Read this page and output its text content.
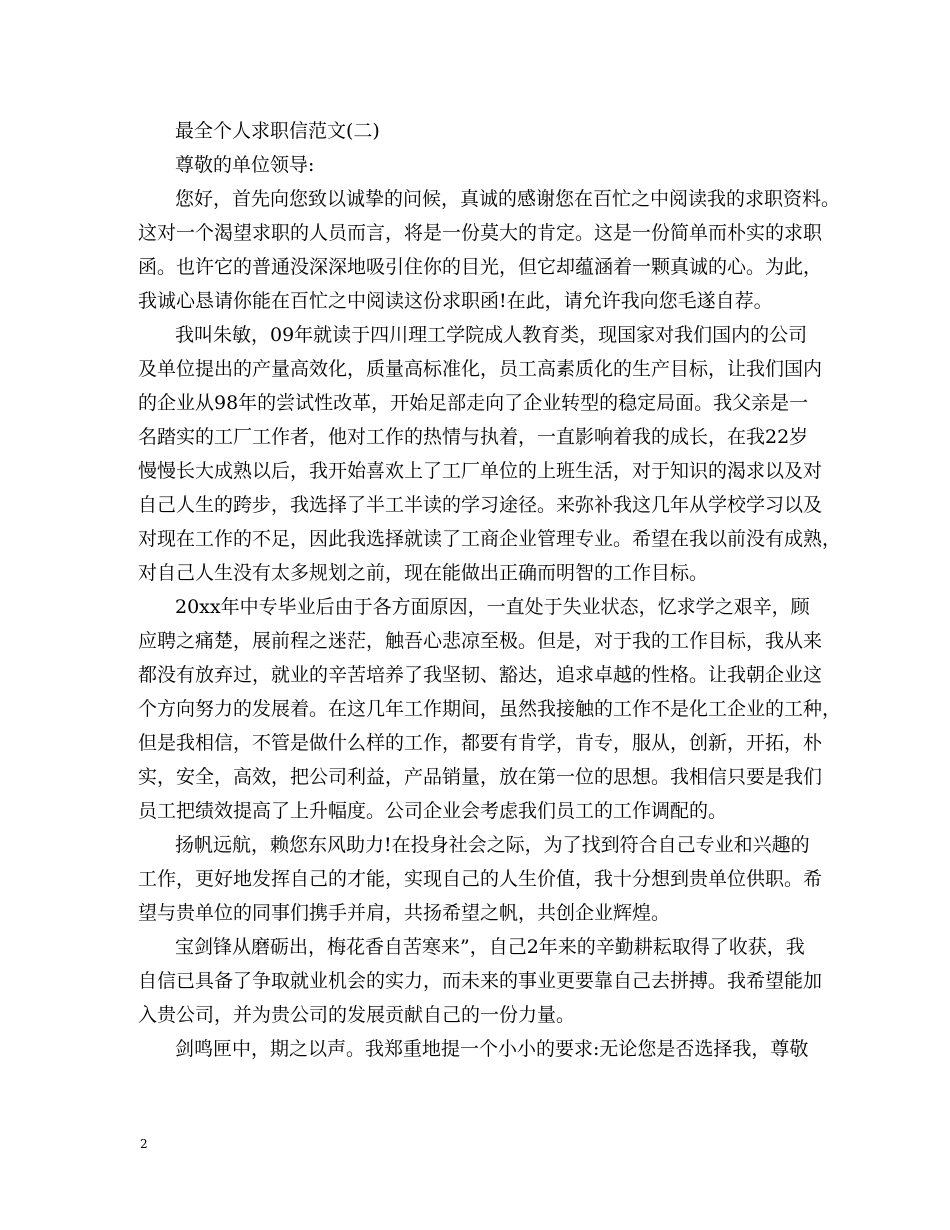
最全个人求职信范文(二)
尊敬的单位领导:
您好，首先向您致以诚挚的问候，真诚的感谢您在百忙之中阅读我的求职资料。
这对一个渴望求职的人员而言，将是一份莫大的肯定。这是一份简单而朴实的求职
函。也许它的普通没深深地吸引住你的目光，但它却蕴涵着一颗真诚的心。为此，
我诚心恳请你能在百忙之中阅读这份求职函!在此，请允许我向您毛遂自荐。
我叫朱敏，09年就读于四川理工学院成人教育类，现国家对我们国内的公司
及单位提出的产量高效化，质量高标准化，员工高素质化的生产目标，让我们国内
的企业从98年的尝试性改革，开始足部走向了企业转型的稳定局面。我父亲是一
名踏实的工厂工作者，他对工作的热情与执着，一直影响着我的成长，在我22岁
慢慢长大成熟以后，我开始喜欢上了工厂单位的上班生活，对于知识的渴求以及对
自己人生的跨步，我选择了半工半读的学习途径。来弥补我这几年从学校学习以及
对现在工作的不足，因此我选择就读了工商企业管理专业。希望在我以前没有成熟，
对自己人生没有太多规划之前，现在能做出正确而明智的工作目标。
20xx年中专毕业后由于各方面原因，一直处于失业状态，忆求学之艰辛，顾
应聘之痛楚，展前程之迷茫，触吾心悲凉至极。但是，对于我的工作目标，我从来
都没有放弃过，就业的辛苦培养了我坚韧、豁达，追求卓越的性格。让我朝企业这
个方向努力的发展着。在这几年工作期间，虽然我接触的工作不是化工企业的工种，
但是我相信，不管是做什么样的工作，都要有肯学，肯专，服从，创新，开拓，朴
实，安全，高效，把公司利益，产品销量，放在第一位的思想。我相信只要是我们
员工把绩效提高了上升幅度。公司企业会考虑我们员工的工作调配的。
扬帆远航，赖您东风助力!在投身社会之际，为了找到符合自己专业和兴趣的
工作，更好地发挥自己的才能，实现自己的人生价值，我十分想到贵单位供职。希
望与贵单位的同事们携手并肩，共扬希望之帆，共创企业辉煌。
宝剑锋从磨砺出，梅花香自苦寒来”，自己2年来的辛勤耕耘取得了收获，我
自信已具备了争取就业机会的实力，而未来的事业更要靠自己去拼搏。我希望能加
入贵公司，并为贵公司的发展贡献自己的一份力量。
剑鸣匣中，期之以声。我郑重地提一个小小的要求:无论您是否选择我，尊敬
2
